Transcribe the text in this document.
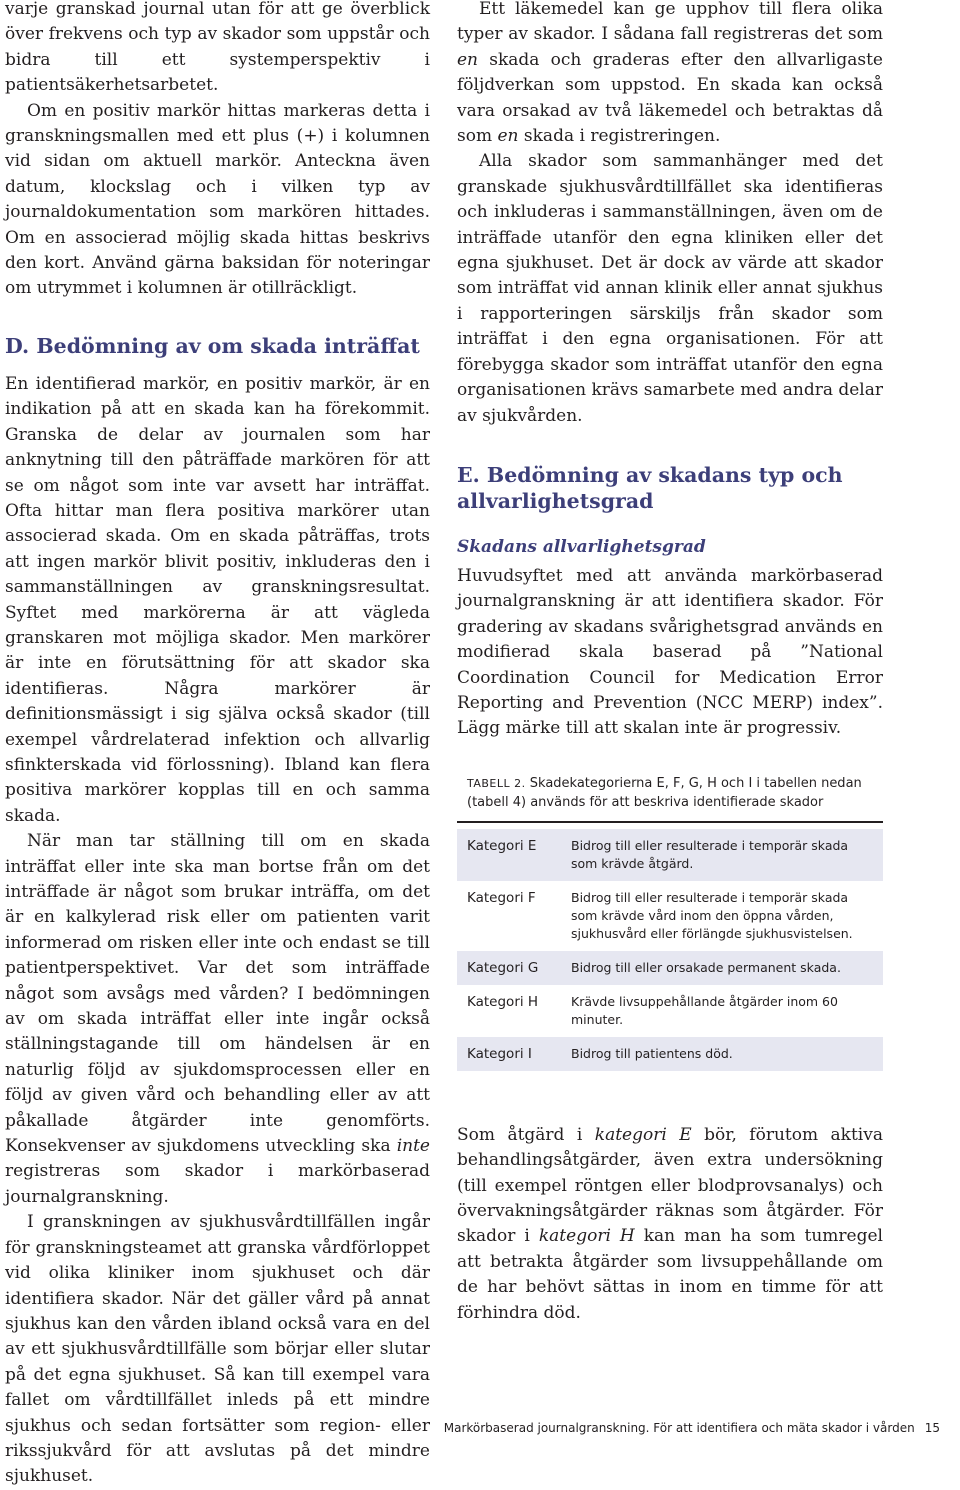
varje granskad journal utan för att ge överblick över frekvens och typ av skador som uppstår och bidra till ett systemperspektiv i patientsäkerhetsarbetet.

Om en positiv markör hittas markeras detta i granskningsmallen med ett plus (+) i kolumnen vid sidan om aktuell markör. Anteckna även datum, klockslag och i vilken typ av journaldokumentation som markören hittades. Om en associerad möjlig skada hittas beskrivs den kort. Använd gärna baksidan för noteringar om utrymmet i kolumnen är otillräckligt.

D. Bedömning av om skada inträffat

En identifierad markör, en positiv markör, är en indikation på att en skada kan ha förekommit. Granska de delar av journalen som har anknytning till den påträffade markören för att se om något som inte var avsett har inträffat. Ofta hittar man flera positiva markörer utan associerad skada. Om en skada påträffas, trots att ingen markör blivit positiv, inkluderas den i sammanställningen av granskningsresultat. Syftet med markörerna är att vägleda granskaren mot möjliga skador. Men markörer är inte en förutsättning för att skador ska identifieras. Några markörer är definitionsmässigt i sig själva också skador (till exempel vårdrelaterad infektion och allvarlig sfinkterskada vid förlossning). Ibland kan flera positiva markörer kopplas till en och samma skada.

När man tar ställning till om en skada inträffat eller inte ska man bortse från om det inträffade är något som brukar inträffa, om det är en kalkylerad risk eller om patienten varit informerad om risken eller inte och endast se till patientperspektivet. Var det som inträffade något som avsågs med vården? I bedömningen av om skada inträffat eller inte ingår också ställningstagande till om händelsen är en naturlig följd av sjukdomsprocessen eller en följd av given vård och behandling eller av att påkallade åtgärder inte genomförts. Konsekvenser av sjukdomens utveckling ska inte registreras som skador i markörbaserad journalgranskning.

I granskningen av sjukhusvårdtillfällen ingår för granskningsteamet att granska vårdförloppet vid olika kliniker inom sjukhuset och där identifiera skador. När det gäller vård på annat sjukhus kan den vården ibland också vara en del av ett sjukhusvårdtillfälle som börjar eller slutar på det egna sjukhuset. Så kan till exempel vara fallet om vårdtillfället inleds på ett mindre sjukhus och sedan fortsätter som region- eller rikssjukvård för att avslutas på det mindre sjukhuset.

Ett läkemedel kan ge upphov till flera olika typer av skador. I sådana fall registreras det som en skada och graderas efter den allvarligaste följdverkan som uppstod. En skada kan också vara orsakad av två läkemedel och betraktas då som en skada i registreringen.

Alla skador som sammanhänger med det granskade sjukhusvårdtillfället ska identifieras och inkluderas i sammanställningen, även om de inträffade utanför den egna kliniken eller det egna sjukhuset. Det är dock av värde att skador som inträffat vid annan klinik eller annat sjukhus i rapporteringen särskiljs från skador som inträffat i den egna organisationen. För att förebygga skador som inträffat utanför den egna organisationen krävs samarbete med andra delar av sjukvården.

E. Bedömning av skadans typ och allvarlighetsgrad
Skadans allvarlighetsgrad

Huvudsyftet med att använda markörbaserad journalgranskning är att identifiera skador. För gradering av skadans svårighetsgrad används en modifierad skala baserad på ”National Coordination Council for Medication Error Reporting and Prevention (NCC MERP) index”. Lägg märke till att skalan inte är progressiv.

TABELL 2. Skadekategorierna E, F, G, H och I i tabellen nedan (tabell 4) används för att beskriva identifierade skador
Kategori E	Bidrog till eller resulterade i temporär skada som krävde åtgärd.
Kategori F	Bidrog till eller resulterade i temporär skada som krävde vård inom den öppna vården, sjukhusvård eller förlängde sjukhusvistelsen.
Kategori G	Bidrog till eller orsakade permanent skada.
Kategori H	Krävde livsuppehållande åtgärder inom 60 minuter.
Kategori I	Bidrog till patientens död.

Som åtgärd i kategori E bör, förutom aktiva behandlingsåtgärder, även extra undersökning (till exempel röntgen eller blodprovsanalys) och övervakningsåtgärder räknas som åtgärder. För skador i kategori H kan man ha som tumregel att betrakta åtgärder som livsuppehållande om de har behövt sättas in inom en timme för att förhindra död.

Markörbaserad journalgranskning. För att identifiera och mäta skador i vården 15
